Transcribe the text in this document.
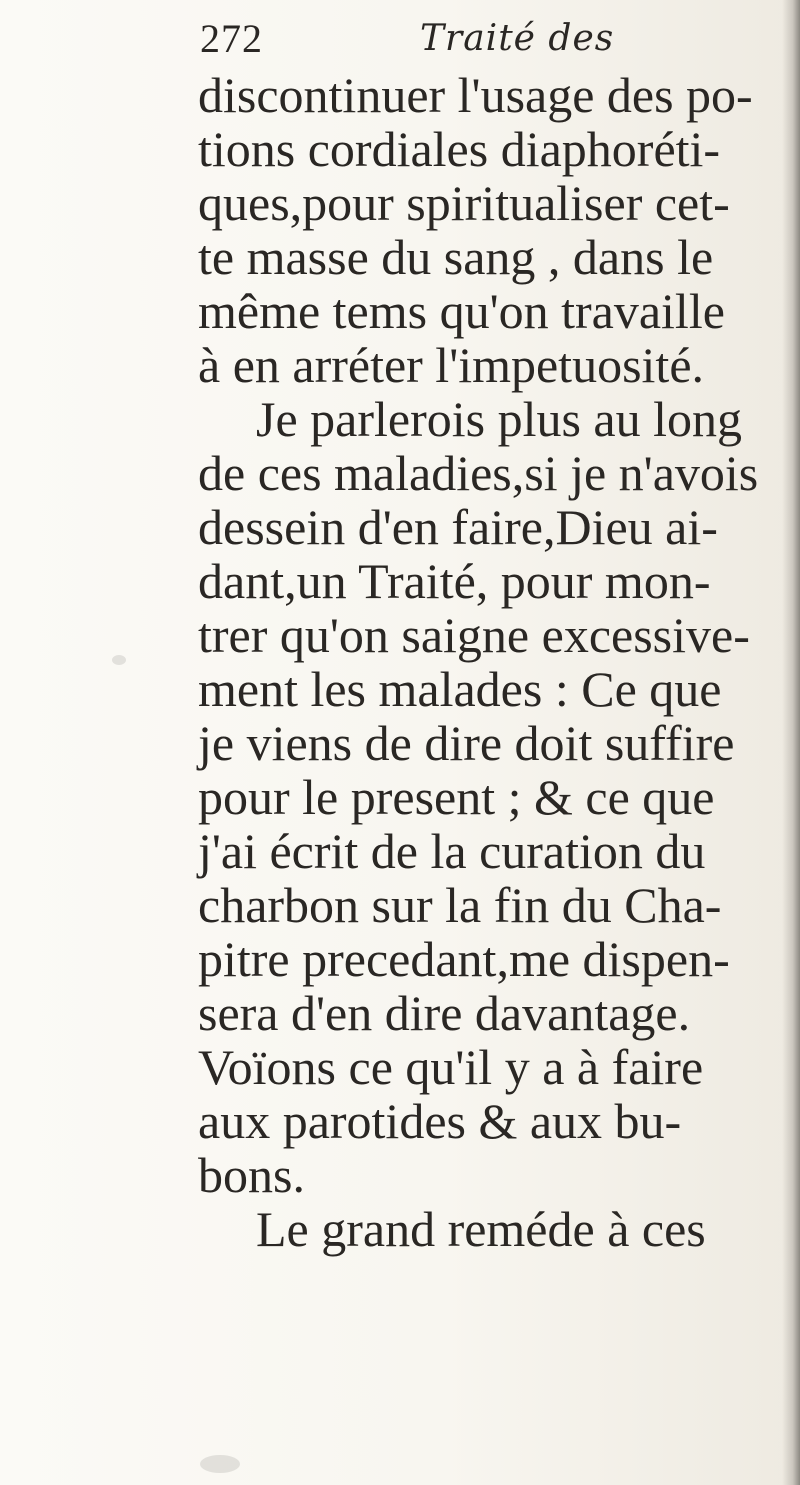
272	Traité des
discontinuer l'usage des po-
tions cordiales diaphoréti-
ques,pour spiritualiser cet-
te masse du sang , dans le
même tems qu'on travaille
à en arréter l'impetuosité.
Je parlerois plus au long
de ces maladies,si je n'avois
dessein d'en faire,Dieu ai-
dant,un Traité, pour mon-
trer qu'on saigne excessive-
ment les malades : Ce que
je viens de dire doit suffire
pour le present ; & ce que
j'ai écrit de la curation du
charbon sur la fin du Cha-
pitre precedant,me dispen-
sera d'en dire davantage.
Voïons ce qu'il y a à faire
aux parotides & aux bu-
bons.
Le grand reméde à ces
